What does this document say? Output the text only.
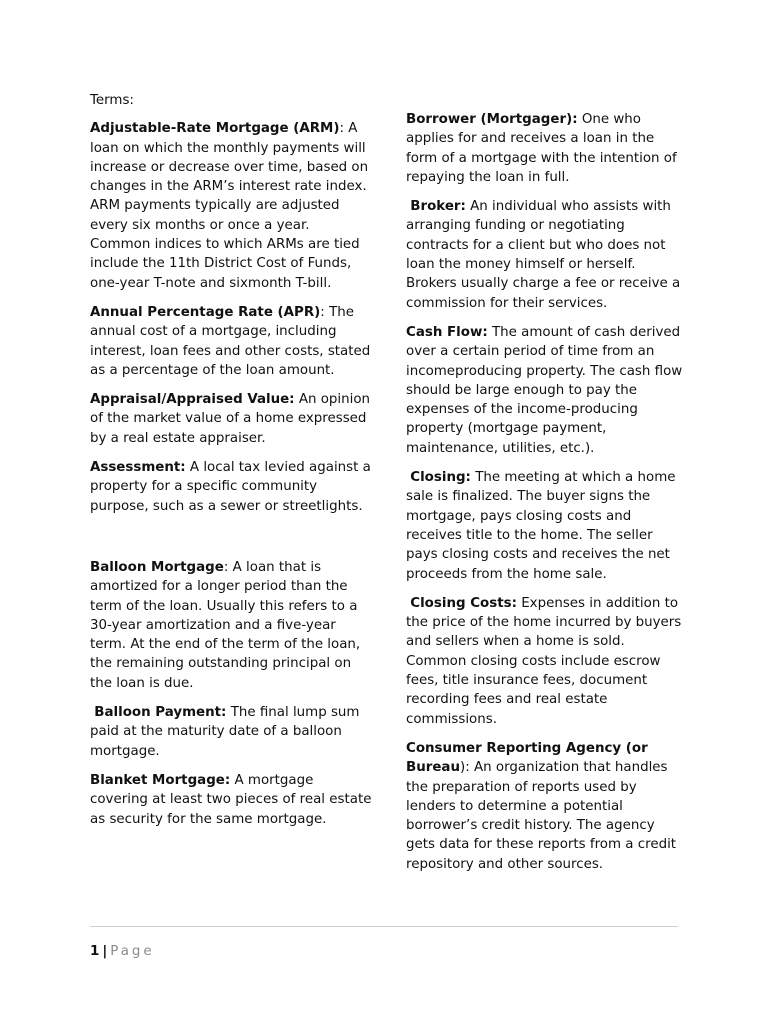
Terms:

Adjustable-Rate Mortgage (ARM): A loan on which the monthly payments will increase or decrease over time, based on changes in the ARM’s interest rate index. ARM payments typically are adjusted every six months or once a year. Common indices to which ARMs are tied include the 11th District Cost of Funds, one-year T-note and sixmonth T-bill.

Annual Percentage Rate (APR): The annual cost of a mortgage, including interest, loan fees and other costs, stated as a percentage of the loan amount.

Appraisal/Appraised Value: An opinion of the market value of a home expressed by a real estate appraiser.

Assessment: A local tax levied against a property for a specific community purpose, such as a sewer or streetlights.

Balloon Mortgage: A loan that is amortized for a longer period than the term of the loan. Usually this refers to a 30-year amortization and a five-year term. At the end of the term of the loan, the remaining outstanding principal on the loan is due.

Balloon Payment: The final lump sum paid at the maturity date of a balloon mortgage.

Blanket Mortgage: A mortgage covering at least two pieces of real estate as security for the same mortgage.

Borrower (Mortgager): One who applies for and receives a loan in the form of a mortgage with the intention of repaying the loan in full.

Broker: An individual who assists with arranging funding or negotiating contracts for a client but who does not loan the money himself or herself. Brokers usually charge a fee or receive a commission for their services.

Cash Flow: The amount of cash derived over a certain period of time from an incomeproducing property. The cash flow should be large enough to pay the expenses of the income-producing property (mortgage payment, maintenance, utilities, etc.).

Closing: The meeting at which a home sale is finalized. The buyer signs the mortgage, pays closing costs and receives title to the home. The seller pays closing costs and receives the net proceeds from the home sale.

Closing Costs: Expenses in addition to the price of the home incurred by buyers and sellers when a home is sold. Common closing costs include escrow fees, title insurance fees, document recording fees and real estate commissions.

Consumer Reporting Agency (or Bureau): An organization that handles the preparation of reports used by lenders to determine a potential borrower’s credit history. The agency gets data for these reports from a credit repository and other sources.

1 | Page
